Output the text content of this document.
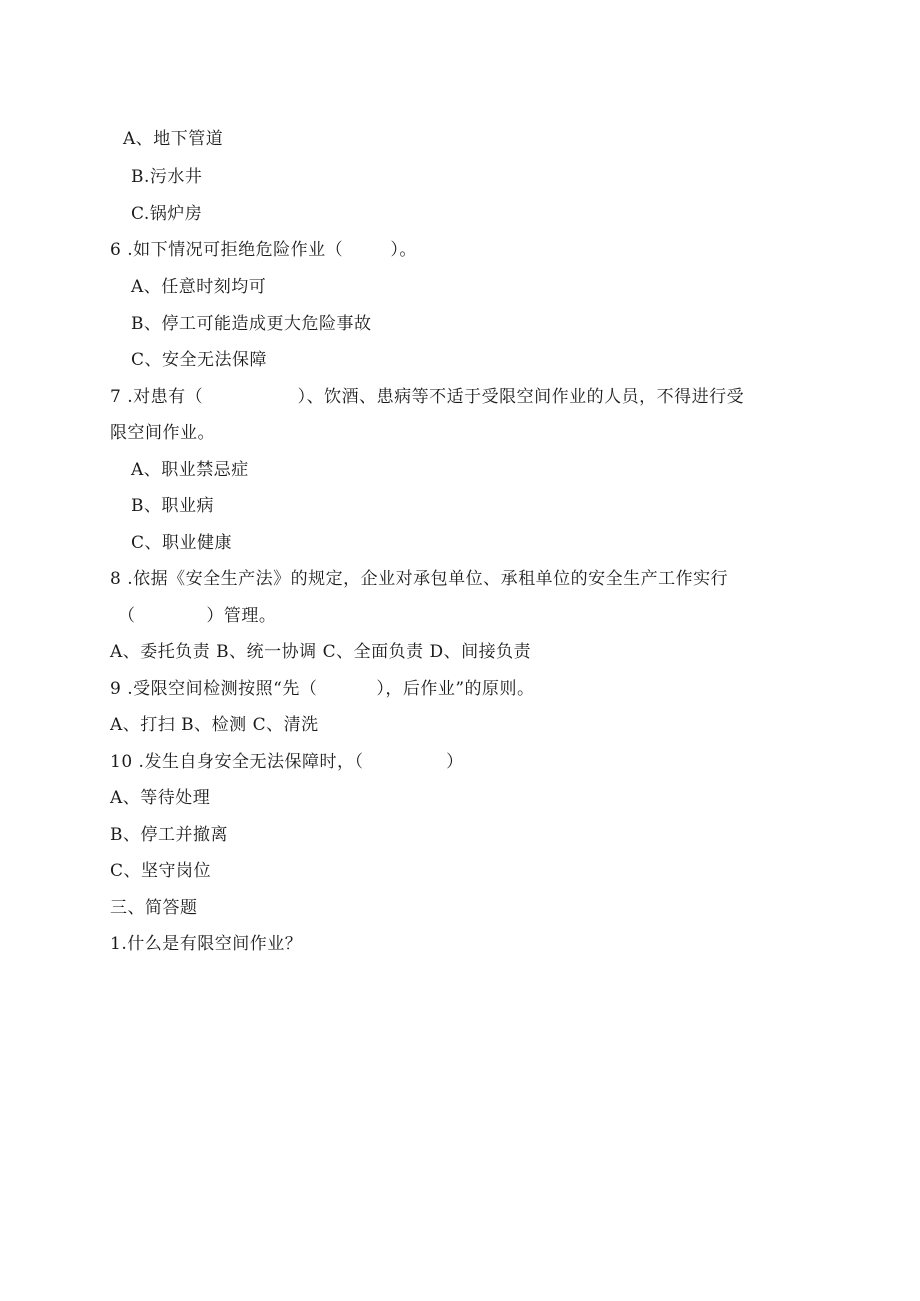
A、地下管道
B.污水井
C.锅炉房
6 .如下情况可拒绝危险作业（        ）。
A、任意时刻均可
B、停工可能造成更大危险事故
C、安全无法保障
7 .对患有（                ）、饮酒、患病等不适于受限空间作业的人员，不得进行受
限空间作业。
A、职业禁忌症
B、职业病
C、职业健康
8 .依据《安全生产法》的规定，企业对承包单位、承租单位的安全生产工作实行
（            ）管理。
A、委托负责 B、统一协调 C、全面负责 D、间接负责
9 .受限空间检测按照“先（          ），后作业”的原则。
A、打扫 B、检测 C、清洗
10 .发生自身安全无法保障时，（              ）
A、等待处理
B、停工并撤离
C、坚守岗位
三、简答题
1.什么是有限空间作业？
